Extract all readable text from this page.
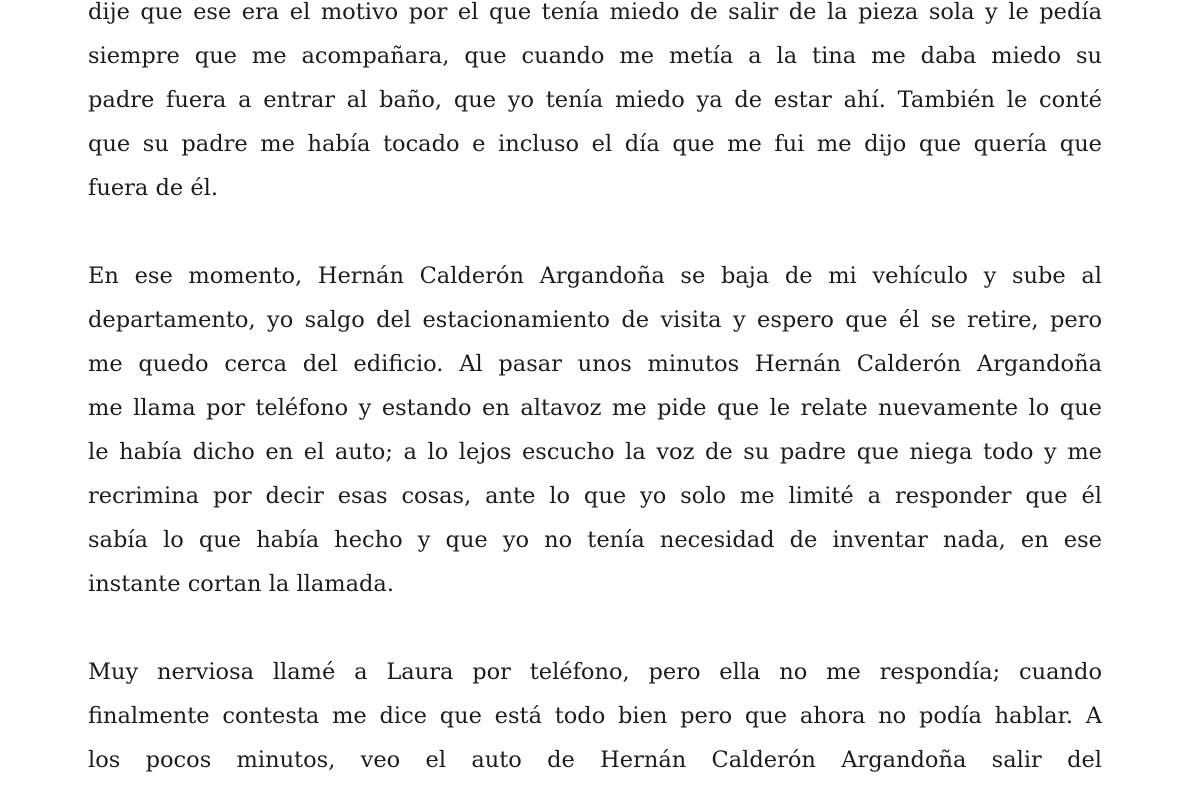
dije que ese era el motivo por el que tenía miedo de salir de la pieza sola y le pedía
siempre que me acompañara, que cuando me metía a la tina me daba miedo su
padre fuera a entrar al baño, que yo tenía miedo ya de estar ahí. También le conté
que su padre me había tocado e incluso el día que me fui me dijo que quería que
fuera de él.
En ese momento, Hernán Calderón Argandoña se baja de mi vehículo y sube al
departamento, yo salgo del estacionamiento de visita y espero que él se retire, pero
me quedo cerca del edificio. Al pasar unos minutos Hernán Calderón Argandoña
me llama por teléfono y estando en altavoz me pide que le relate nuevamente lo que
le había dicho en el auto; a lo lejos escucho la voz de su padre que niega todo y me
recrimina por decir esas cosas, ante lo que yo solo me limité a responder que él
sabía lo que había hecho y que yo no tenía necesidad de inventar nada, en ese
instante cortan la llamada.
Muy nerviosa llamé a Laura por teléfono, pero ella no me respondía; cuando
finalmente contesta me dice que está todo bien pero que ahora no podía hablar. A
los pocos minutos, veo el auto de Hernán Calderón Argandoña salir del
